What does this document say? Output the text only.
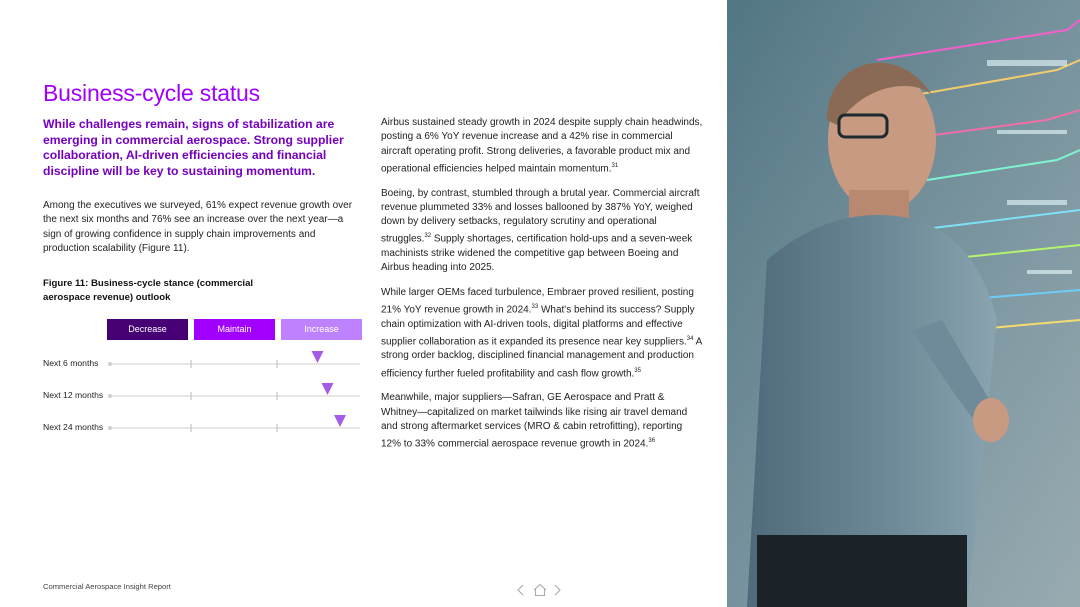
Business-cycle status

While challenges remain, signs of stabilization are emerging in commercial aerospace. Strong supplier collaboration, AI-driven efficiencies and financial discipline will be key to sustaining momentum.

Among the executives we surveyed, 61% expect revenue growth over the next six months and 76% see an increase over the next year—a sign of growing confidence in supply chain improvements and production scalability (Figure 11).

Figure 11: Business-cycle stance (commercial aerospace revenue) outlook

Decrease	Maintain	Increase
Next 6 months
Next 12 months
Next 24 months

Airbus sustained steady growth in 2024 despite supply chain headwinds, posting a 6% YoY revenue increase and a 42% rise in commercial aircraft operating profit. Strong deliveries, a favorable product mix and operational efficiencies helped maintain momentum.$^{31}$

Boeing, by contrast, stumbled through a brutal year. Commercial aircraft revenue plummeted 33% and losses ballooned by 387% YoY, weighed down by delivery setbacks, regulatory scrutiny and operational struggles.$^{32}$ Supply shortages, certification hold-ups and a seven-week machinists strike widened the competitive gap between Boeing and Airbus heading into 2025.

While larger OEMs faced turbulence, Embraer proved resilient, posting 21% YoY revenue growth in 2024.33 What's behind its success? Supply chain optimization with AI-driven tools, digital platforms and effective supplier collaboration as it expanded its presence near key suppliers.$^{34}$ A strong order backlog, disciplined financial management and production efficiency further fueled profitability and cash flow growth.$^{35}$

Meanwhile, major suppliers—Safran, GE Aerospace and Pratt & Whitney—capitalized on market tailwinds like rising air travel demand and strong aftermarket services (MRO & cabin retrofitting), reporting 12% to 33% commercial aerospace revenue growth in 2024.36

Commercial Aerospace Insight Report
